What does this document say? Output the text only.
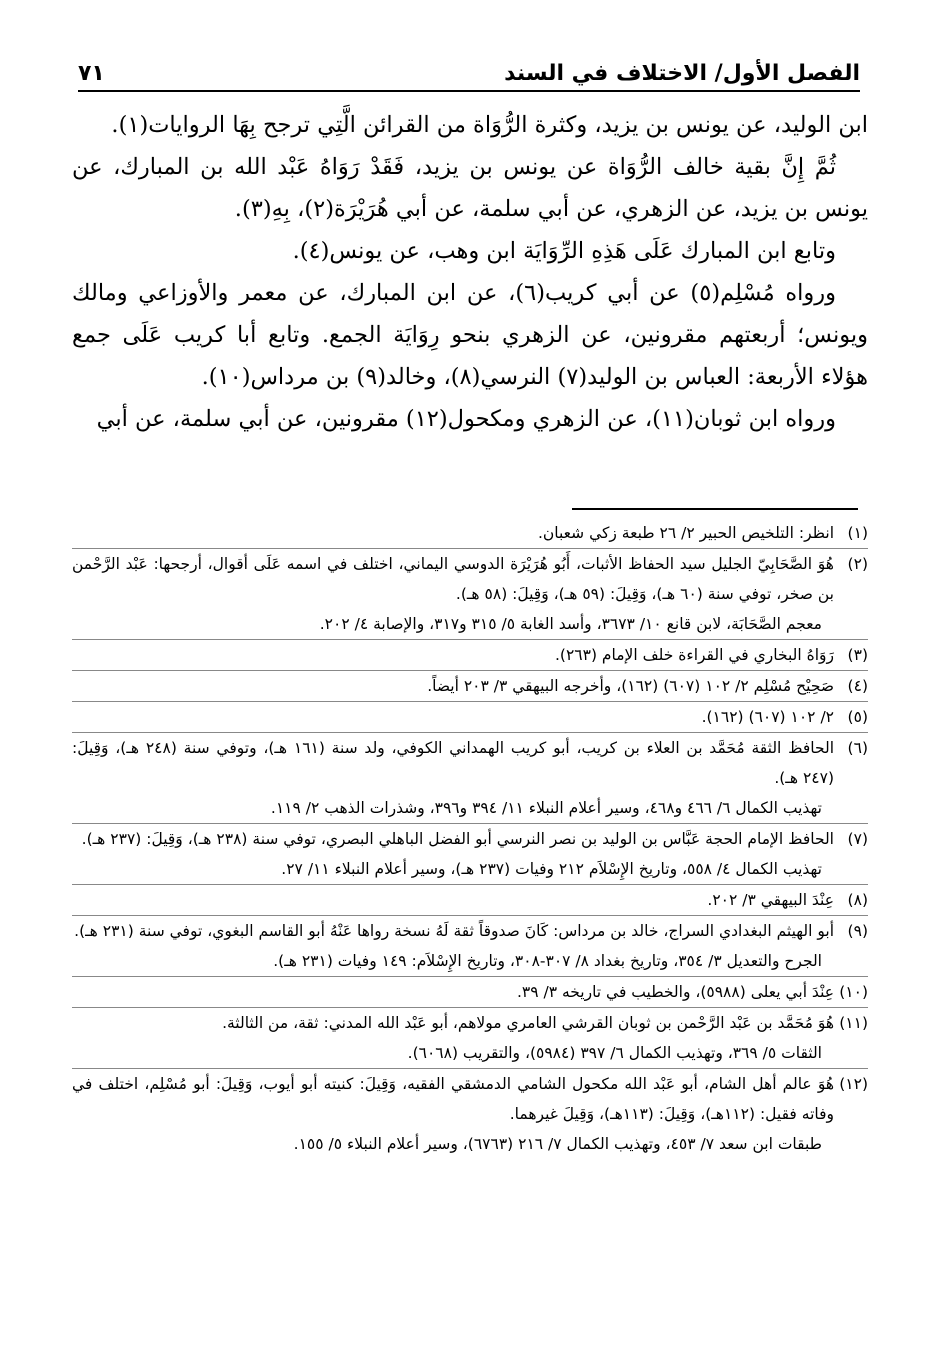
الفصل الأول/ الاختلاف في السند
٧١

ابن الوليد، عن يونس بن يزيد، وكثرة الرُّوَاة من القرائن الَّتِي ترجح بِهَا الروايات(١).

ثُمَّ إِنَّ بقية خالف الرُّوَاة عن يونس بن يزيد، فَقَدْ رَوَاهُ عَبْد الله بن المبارك، عن يونس بن يزيد، عن الزهري، عن أبي سلمة، عن أبي هُرَيْرَة(٢)، بِهِ(٣).

وتابع ابن المبارك عَلَى هَذِهِ الرِّوَايَة ابن وهب، عن يونس(٤).

ورواه مُسْلِم(٥) عن أبي كريب(٦)، عن ابن المبارك، عن معمر والأوزاعي ومالك ويونس؛ أربعتهم مقرونين، عن الزهري بنحو رِوَايَة الجمع. وتابع أبا كريب عَلَى جمع هؤلاء الأربعة: العباس بن الوليد(٧) النرسي(٨)، وخالد(٩) بن مرداس(١٠).

ورواه ابن ثوبان(١١)، عن الزهري ومكحول(١٢) مقرونين، عن أبي سلمة، عن أبي

(١)
انظر: التلخيص الحبير ٢/ ٢٦ طبعة زكي شعبان.
(٢)
هُوَ الصَّحَابِيّ الجليل سيد الحفاظ الأثبات، أَبُو هُرَيْرَة الدوسي اليماني، اختلف في اسمه عَلَى أقوال، أرجحها: عَبْد الرَّحْمن بن صخر، توفي سنة (٦٠ هـ)، وَقِيلَ: (٥٩ هـ)، وَقِيلَ: (٥٨ هـ).
معجم الصَّحَابَة، لابن قانع ١٠/ ٣٦٧٣، وأسد الغابة ٥/ ٣١٥ و٣١٧، والإصابة ٤/ ٢٠٢.
(٣)
رَوَاهُ البخاري في القراءة خلف الإمام (٢٦٣).
(٤)
صَحِيْح مُسْلِم ٢/ ١٠٢ (٦٠٧) (١٦٢)، وأخرجه البيهقي ٣/ ٢٠٣ أيضاً.
(٥)
٢/ ١٠٢ (٦٠٧) (١٦٢).
(٦)
الحافظ الثقة مُحَمَّد بن العلاء بن كريب، أبو كريب الهمداني الكوفي، ولد سنة (١٦١ هـ)، وتوفي سنة (٢٤٨ هـ)، وَقِيلَ: (٢٤٧ هـ).
تهذيب الكمال ٦/ ٤٦٦ و٤٦٨، وسير أعلام النبلاء ١١/ ٣٩٤ و٣٩٦، وشذرات الذهب ٢/ ١١٩.
(٧)
الحافظ الإمام الحجة عَبَّاس بن الوليد بن نصر النرسي أبو الفضل الباهلي البصري، توفي سنة (٢٣٨ هـ)، وَقِيلَ: (٢٣٧ هـ).
تهذيب الكمال ٤/ ٥٥٨، وتاريخ الإِسْلاَم ٢١٢ وفيات (٢٣٧ هـ)، وسير أعلام النبلاء ١١/ ٢٧.
(٨)
عِنْدَ البيهقي ٣/ ٢٠٢.
(٩)
أبو الهيثم البغدادي السراج، خالد بن مرداس: كَانَ صدوقاً ثقة لَهُ نسخة رواها عَنْهُ أبو القاسم البغوي، توفي سنة (٢٣١ هـ).
الجرح والتعديل ٣/ ٣٥٤، وتاريخ بغداد ٨/ ٣٠٧-٣٠٨، وتاريخ الإِسْلاَم: ١٤٩ وفيات (٢٣١ هـ).
(١٠)
عِنْدَ أبي يعلى (٥٩٨٨)، والخطيب في تاريخه ٣/ ٣٩.
(١١)
هُوَ مُحَمَّد بن عَبْد الرَّحْمن بن ثوبان القرشي العامري مولاهم، أبو عَبْد الله المدني: ثقة، من الثالثة.
الثقات ٥/ ٣٦٩، وتهذيب الكمال ٦/ ٣٩٧ (٥٩٨٤)، والتقريب (٦٠٦٨).
(١٢)
هُوَ عالم أهل الشام، أبو عَبْد الله مكحول الشامي الدمشقي الفقيه، وَقِيلَ: كنيته أبو أيوب، وَقِيلَ: أبو مُسْلِم، اختلف في وفاته فقيل: (١١٢هـ)، وَقِيلَ: (١١٣هـ)، وَقِيلَ غيرهما.
طبقات ابن سعد ٧/ ٤٥٣، وتهذيب الكمال ٧/ ٢١٦ (٦٧٦٣)، وسير أعلام النبلاء ٥/ ١٥٥.
